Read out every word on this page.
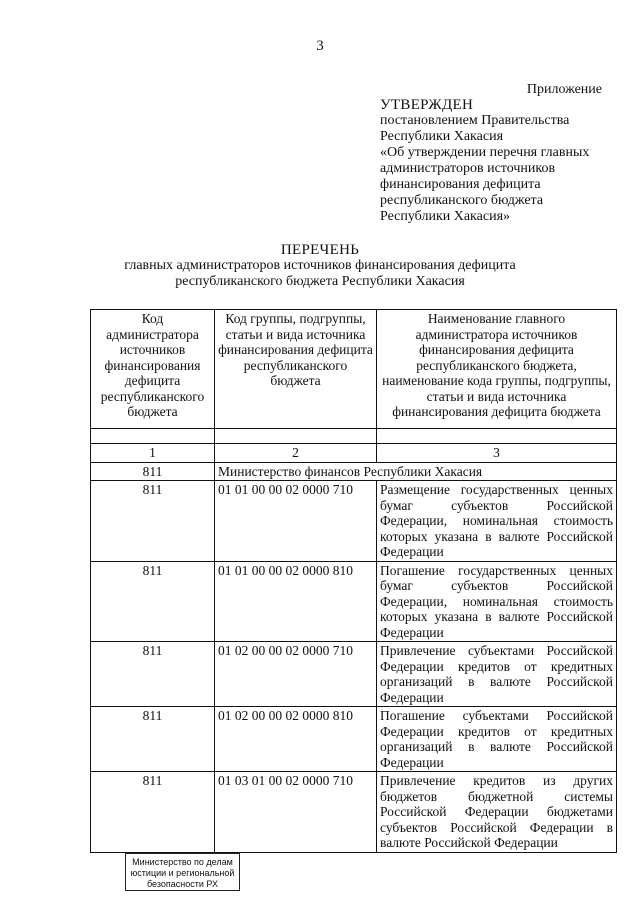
3
Приложение
УТВЕРЖДЕН
постановлением Правительства
Республики Хакасия
«Об утверждении перечня главных
администраторов источников
финансирования дефицита
республиканского бюджета
Республики Хакасия»
ПЕРЕЧЕНЬ
главных администраторов источников финансирования дефицита
республиканского бюджета Республики Хакасия
Код администратора источников финансирования дефицита республиканского бюджета	Код группы, подгруппы, статьи и вида источника финансирования дефицита республиканского бюджета	Наименование главного администратора источников финансирования дефицита республиканского бюджета, наименование кода группы, подгруппы, статьи и вида источника финансирования дефицита бюджета

1	2	3
811	Министерство финансов Республики Хакасия	
811	01 01 00 00 02 0000 710	Размещение государственных ценных бумаг субъектов Российской Федерации, номинальная стоимость которых указана в валюте Российской Федерации
811	01 01 00 00 02 0000 810	Погашение государственных ценных бумаг субъектов Российской Федерации, номинальная стоимость которых указана в валюте Российской Федерации
811	01 02 00 00 02 0000 710	Привлечение субъектами Российской Федерации кредитов от кредитных организаций в валюте Российской Федерации
811	01 02 00 00 02 0000 810	Погашение субъектами Российской Федерации кредитов от кредитных организаций в валюте Российской Федерации
811	01 03 01 00 02 0000 710	Привлечение кредитов из других бюджетов бюджетной системы Российской Федерации бюджетами субъектов Российской Федерации в валюте Российской Федерации
Министерство по делам
юстиции и региональной
безопасности РХ
